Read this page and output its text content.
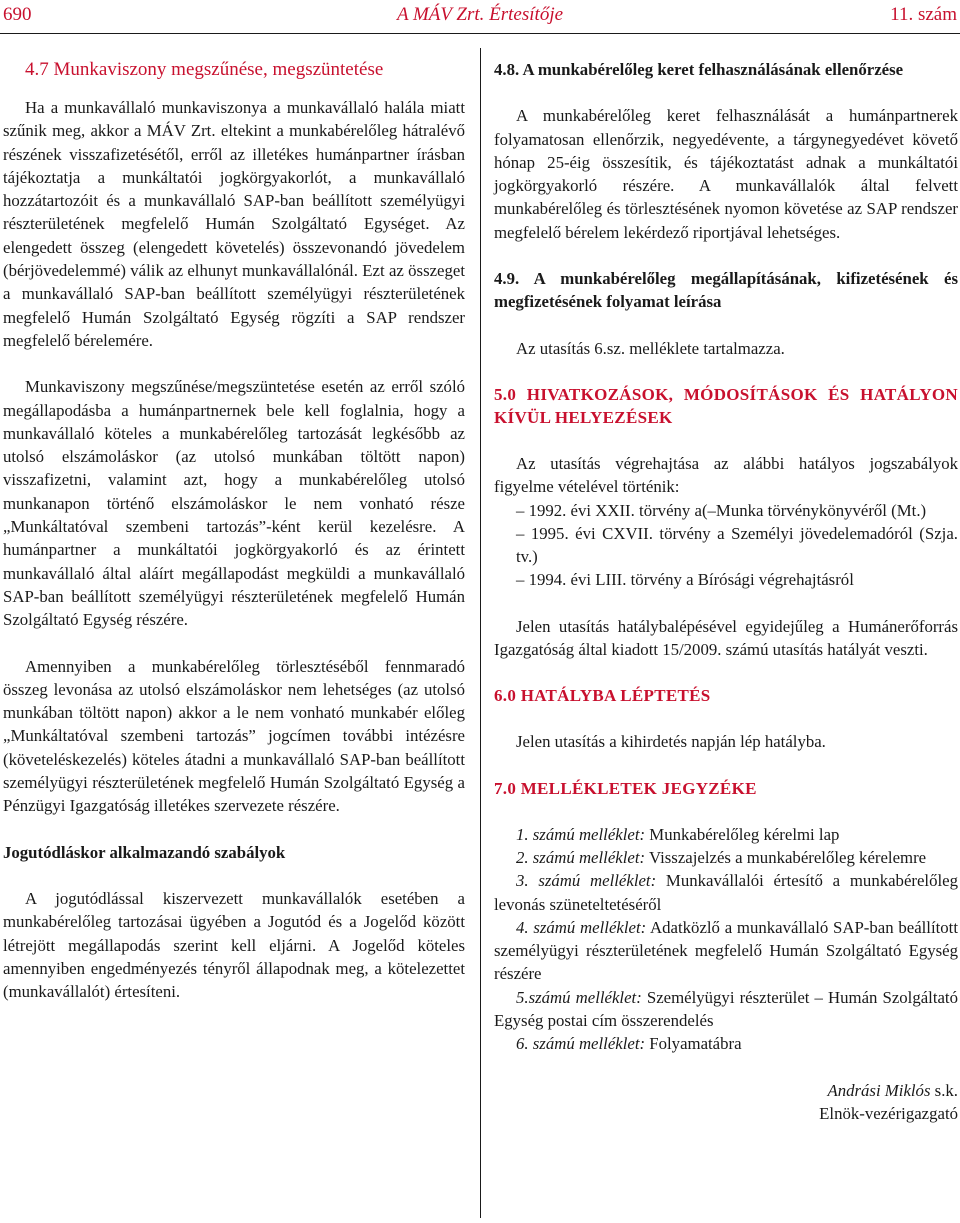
690	A MÁV Zrt. Értesítője	11. szám

4.7 Munkaviszony megszűnése, megszüntetése

Ha a munkavállaló munkaviszonya a munkavállaló halála miatt szűnik meg, akkor a MÁV Zrt. eltekint a munkabérelőleg hátralévő részének visszafizetésétől, erről az illetékes humánpartner írásban tájékoztatja a munkáltatói jogkörgyakorlót, a munkavállaló hozzátartozóit és a munkavállaló SAP-ban beállított személyügyi részterületének megfelelő Humán Szolgáltató Egységet. Az elengedett összeg (elengedett követelés) összevonandó jövedelem (bérjövedelemmé) válik az elhunyt munkavállalónál. Ezt az összeget a munkavállaló SAP-ban beállított személyügyi részterületének megfelelő Humán Szolgáltató Egység rögzíti a SAP rendszer megfelelő bérelemére.

Munkaviszony megszűnése/megszüntetése esetén az erről szóló megállapodásba a humánpartnernek bele kell foglalnia, hogy a munkavállaló köteles a munkabérelőleg tartozását legkésőbb az utolsó elszámoláskor (az utolsó munkában töltött napon) visszafizetni, valamint azt, hogy a munkabérelőleg utolsó munkanapon történő elszámoláskor le nem vonható része „Munkáltatóval szembeni tartozás”-ként kerül kezelésre. A humánpartner a munkáltatói jogkörgyakorló és az érintett munkavállaló által aláírt megállapodást megküldi a munkavállaló SAP-ban beállított személyügyi részterületének megfelelő Humán Szolgáltató Egység részére.

Amennyiben a munkabérelőleg törlesztéséből fennmaradó összeg levonása az utolsó elszámoláskor nem lehetséges (az utolsó munkában töltött napon) akkor a le nem vonható munkabér előleg „Munkáltatóval szembeni tartozás” jogcímen további intézésre (követeléskezelés) köteles átadni a munkavállaló SAP-ban beállított személyügyi részterületének megfelelő Humán Szolgáltató Egység a Pénzügyi Igazgatóság illetékes szervezete részére.

Jogutódláskor alkalmazandó szabályok

A jogutódlással kiszervezett munkavállalók esetében a munkabérelőleg tartozásai ügyében a Jogutód és a Jogelőd között létrejött megállapodás szerint kell eljárni. A Jogelőd köteles amennyiben engedményezés tényről állapodnak meg, a kötelezettet (munkavállalót) értesíteni.

4.8. A munkabérelőleg keret felhasználásának ellenőrzése

A munkabérelőleg keret felhasználását a humánpartnerek folyamatosan ellenőrzik, negyedévente, a tárgynegyedévet követő hónap 25-éig összesítik, és tájékoztatást adnak a munkáltatói jogkörgyakorló részére. A munkavállalók által felvett munkabérelőleg és törlesztésének nyomon követése az SAP rendszer megfelelő bérelem lekérdező riportjával lehetséges.

4.9. A munkabérelőleg megállapításának, kifizetésének és megfizetésének folyamat leírása

Az utasítás 6.sz. melléklete tartalmazza.

5.0 HIVATKOZÁSOK, MÓDOSÍTÁSOK ÉS HATÁLYON KÍVÜL HELYEZÉSEK

Az utasítás végrehajtása az alábbi hatályos jogszabályok figyelme vételével történik:

– 1992. évi XXII. törvény a(‒Munka törvénykönyvéről (Mt.)

– 1995. évi CXVII. törvény a Személyi jövedelemadóról (Szja. tv.)

– 1994. évi LIII. törvény a Bírósági végrehajtásról

Jelen utasítás hatálybalépésével egyidejűleg a Humánerőforrás Igazgatóság által kiadott 15/2009. számú utasítás hatályát veszti.

6.0 HATÁLYBA LÉPTETÉS

Jelen utasítás a kihirdetés napján lép hatályba.

7.0 MELLÉKLETEK JEGYZÉKE

1. számú melléklet: Munkabérelőleg kérelmi lap

2. számú melléklet: Visszajelzés a munkabérelőleg kérelemre

3. számú melléklet: Munkavállalói értesítő a munkabérelőleg levonás szüneteltetéséről

4. számú melléklet: Adatközlő a munkavállaló SAP-ban beállított személyügyi részterületének megfelelő Humán Szolgáltató Egység részére

5.számú melléklet: Személyügyi részterület – Humán Szolgáltató Egység postai cím összerendelés

6. számú melléklet: Folyamatábra

Andrási Miklós s.k.

Elnök-vezérigazgató
